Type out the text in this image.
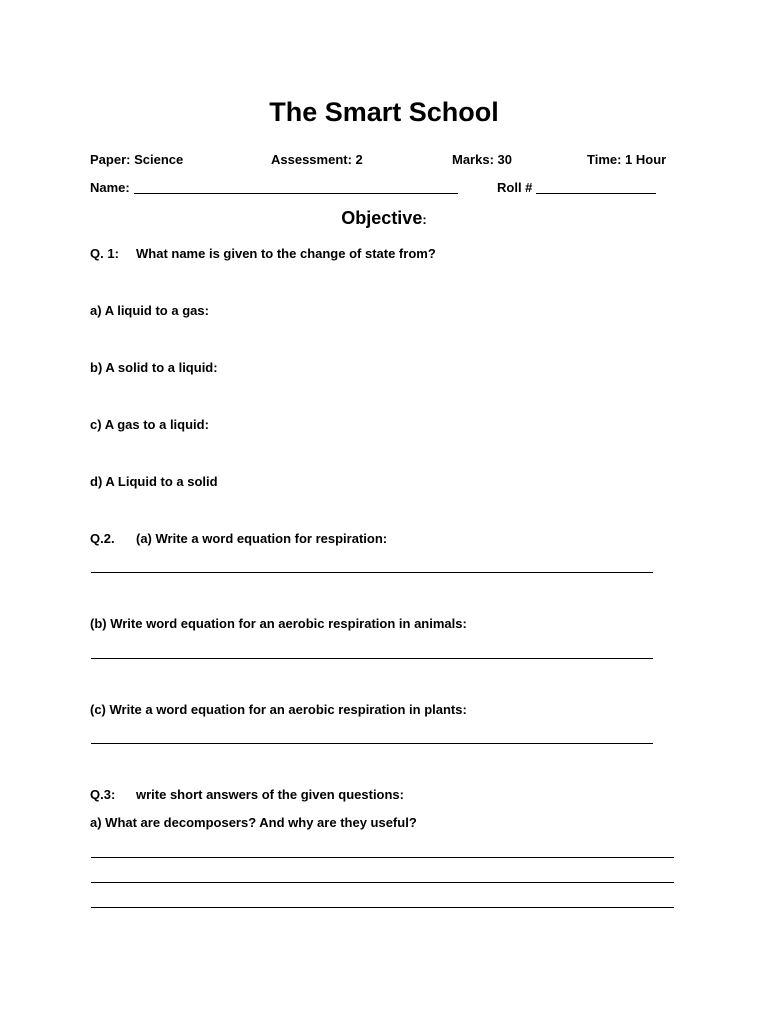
The Smart School
Paper: Science	Assessment: 2	Marks: 30	Time: 1 Hour
Name:	Roll #
Objective:
Q. 1: What name is given to the change of state from?
a) A liquid to a gas:
b) A solid to a liquid:
c) A gas to a liquid:
d) A Liquid to a solid
Q.2. (a) Write a word equation for respiration:
(b) Write word equation for an aerobic respiration in animals:
(c) Write a word equation for an aerobic respiration in plants:
Q.3: write short answers of the given questions:
a) What are decomposers? And why are they useful?
